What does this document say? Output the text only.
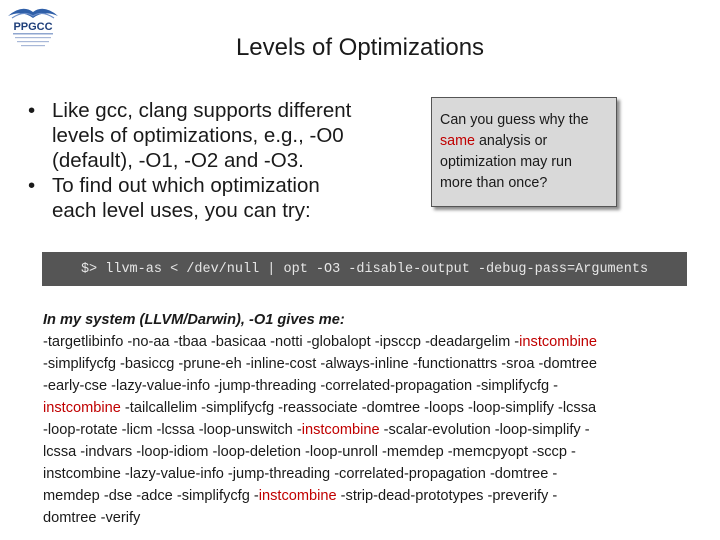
PPGCC
Levels of Optimizations
• Like gcc, clang supports different
levels of optimizations, e.g., -O0
(default), -O1, -O2 and -O3.
• To find out which optimization
each level uses, you can try:
Can you guess why the
same analysis or
optimization may run
more than once?
$> llvm-as < /dev/null | opt -O3 -disable-output -debug-pass=Arguments
In my system (LLVM/Darwin), -O1 gives me:
-targetlibinfo -no-aa -tbaa -basicaa -notti -globalopt -ipsccp -deadargelim -instcombine
-simplifycfg -basiccg -prune-eh -inline-cost -always-inline -functionattrs -sroa -domtree
-early-cse -lazy-value-info -jump-threading -correlated-propagation -simplifycfg -
instcombine -tailcallelim -simplifycfg -reassociate -domtree -loops -loop-simplify -lcssa
-loop-rotate -licm -lcssa -loop-unswitch -instcombine -scalar-evolution -loop-simplify -
lcssa -indvars -loop-idiom -loop-deletion -loop-unroll -memdep -memcpyopt -sccp -
instcombine -lazy-value-info -jump-threading -correlated-propagation -domtree -
memdep -dse -adce -simplifycfg -instcombine -strip-dead-prototypes -preverify -
domtree -verify
